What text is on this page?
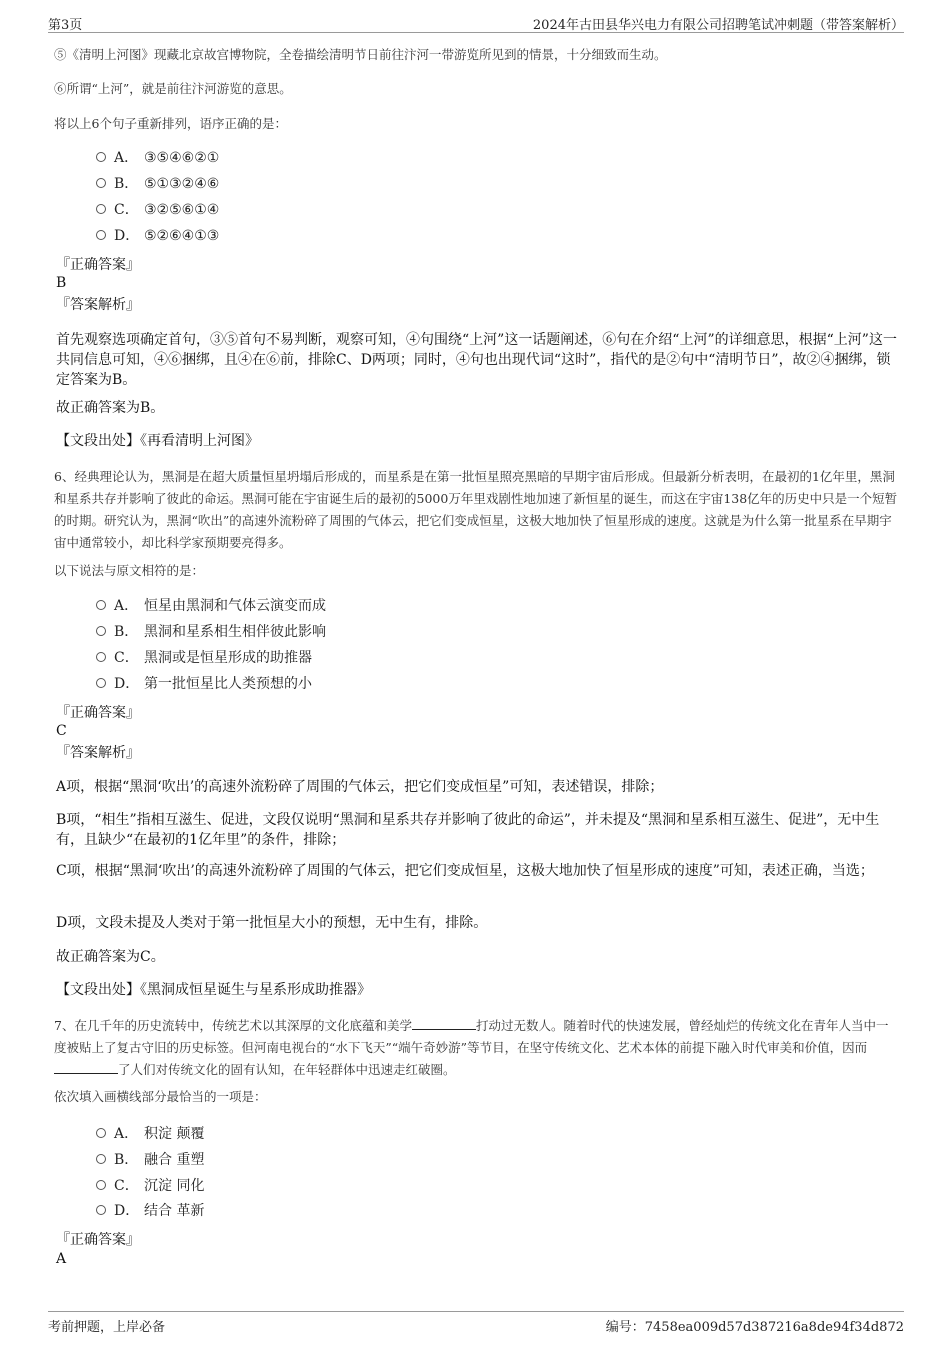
第3页	2024年古田县华兴电力有限公司招聘笔试冲刺题（带答案解析）
⑤《清明上河图》现藏北京故宫博物院，全卷描绘清明节日前往汴河一带游览所见到的情景，十分细致而生动。
⑥所谓“上河”，就是前往汴河游览的意思。
将以上6个句子重新排列，语序正确的是：
A． ③⑤④⑥②①
B． ⑤①③②④⑥
C． ③②⑤⑥①④
D． ⑤②⑥④①③
『正确答案』
B
『答案解析』
首先观察选项确定首句，③⑤首句不易判断，观察可知，④句围绕“上河”这一话题阐述，⑥句在介绍“上河”的详细意思，根据“上河”这一共同信息可知，④⑥捆绑，且④在⑥前，排除C、D两项；同时，④句也出现代词“这时”，指代的是②句中“清明节日”，故②④捆绑，锁定答案为B。
故正确答案为B。
【文段出处】《再看清明上河图》
6、经典理论认为，黑洞是在超大质量恒星坍塌后形成的，而星系是在第一批恒星照亮黑暗的早期宇宙后形成。但最新分析表明，在最初的1亿年里，黑洞和星系共存并影响了彼此的命运。黑洞可能在宇宙诞生后的最初的5000万年里戏剧性地加速了新恒星的诞生，而这在宇宙138亿年的历史中只是一个短暂的时期。研究认为，黑洞“吹出”的高速外流粉碎了周围的气体云，把它们变成恒星，这极大地加快了恒星形成的速度。这就是为什么第一批星系在早期宇宙中通常较小，却比科学家预期要亮得多。
以下说法与原文相符的是：
A． 恒星由黑洞和气体云演变而成
B． 黑洞和星系相生相伴彼此影响
C． 黑洞或是恒星形成的助推器
D． 第一批恒星比人类预想的小
『正确答案』
C
『答案解析』
A项，根据“黑洞‘吹出’的高速外流粉碎了周围的气体云，把它们变成恒星”可知，表述错误，排除；
B项，“相生”指相互滋生、促进，文段仅说明“黑洞和星系共存并影响了彼此的命运”，并未提及“黑洞和星系相互滋生、促进”，无中生有，且缺少“在最初的1亿年里”的条件，排除；
C项，根据“黑洞‘吹出’的高速外流粉碎了周围的气体云，把它们变成恒星，这极大地加快了恒星形成的速度”可知，表述正确，当选；
D项，文段未提及人类对于第一批恒星大小的预想，无中生有，排除。
故正确答案为C。
【文段出处】《黑洞成恒星诞生与星系形成助推器》
7、在几千年的历史流转中，传统艺术以其深厚的文化底蕴和美学	打动过无数人。随着时代的快速发展，曾经灿烂的传统文化在青年人当中一度被贴上了复古守旧的历史标签。但河南电视台的“水下飞天”“端午奇妙游”等节目，在坚守传统文化、艺术本体的前提下融入时代审美和价值，因而了人们对传统文化的固有认知，在年轻群体中迅速走红破圈。
依次填入画横线部分最恰当的一项是：
A． 积淀 颠覆
B． 融合 重塑
C． 沉淀 同化
D． 结合 革新
『正确答案』
A
考前押题，上岸必备	编号：7458ea009d57d387216a8de94f34d872
